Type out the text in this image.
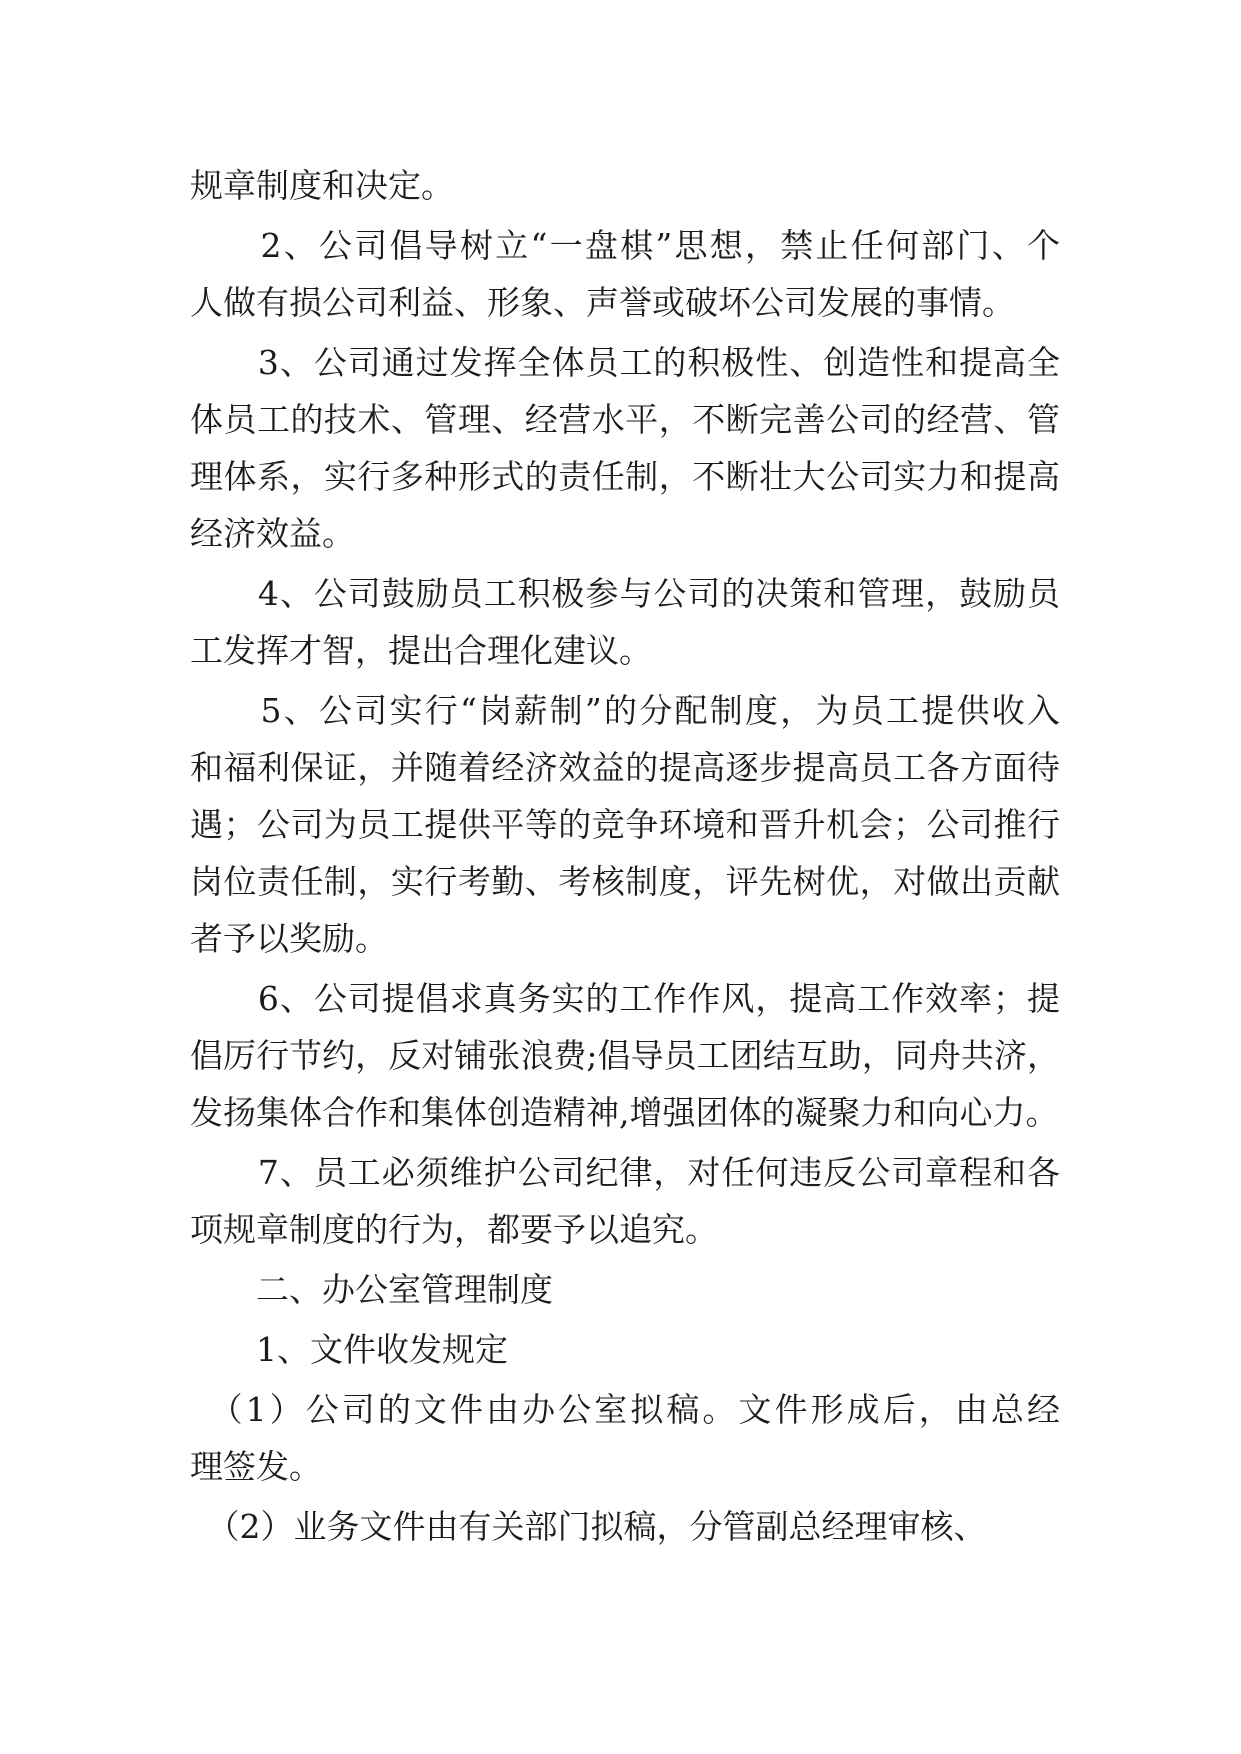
规章制度和决定。

　　2、公司倡导树立“一盘棋”思想，禁止任何部门、个
人做有损公司利益、形象、声誉或破坏公司发展的事情。

　　3、公司通过发挥全体员工的积极性、创造性和提高全
体员工的技术、管理、经营水平，不断完善公司的经营、管
理体系，实行多种形式的责任制，不断壮大公司实力和提高
经济效益。

　　4、公司鼓励员工积极参与公司的决策和管理，鼓励员
工发挥才智，提出合理化建议。

　　5、公司实行“岗薪制”的分配制度，为员工提供收入
和福利保证，并随着经济效益的提高逐步提高员工各方面待
遇；公司为员工提供平等的竞争环境和晋升机会；公司推行
岗位责任制，实行考勤、考核制度，评先树优，对做出贡献
者予以奖励。

　　6、公司提倡求真务实的工作作风，提高工作效率；提
倡厉行节约，反对铺张浪费;倡导员工团结互助，同舟共济，
发扬集体合作和集体创造精神,增强团体的凝聚力和向心力。

　　7、员工必须维护公司纪律，对任何违反公司章程和各
项规章制度的行为，都要予以追究。

　　二、办公室管理制度

　　1、文件收发规定

　（1）公司的文件由办公室拟稿。文件形成后，由总经
理签发。

　（2）业务文件由有关部门拟稿，分管副总经理审核、
